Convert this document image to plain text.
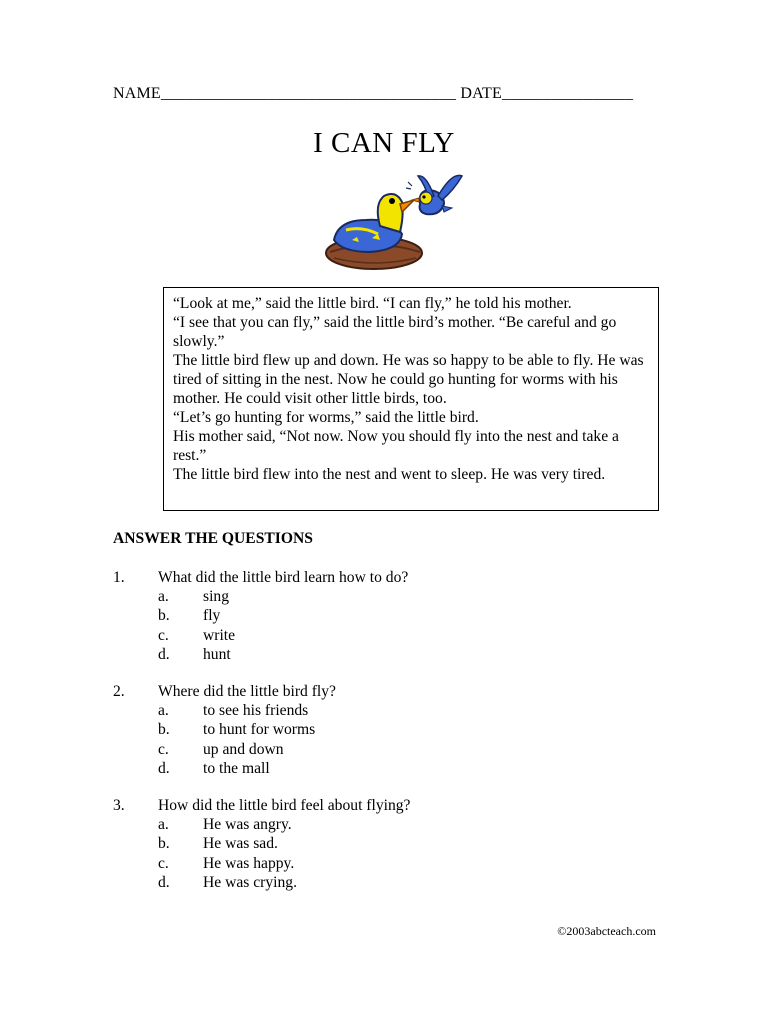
NAME____________________________________ DATE________________
I CAN FLY

“Look at me,” said the little bird. “I can fly,” he told his mother.

“I see that you can fly,” said the little bird’s mother. “Be careful and go slowly.”

The little bird flew up and down. He was so happy to be able to fly. He was tired of sitting in the nest. Now he could go hunting for worms with his mother. He could visit other little birds, too.

“Let’s go hunting for worms,” said the little bird.

His mother said, “Not now. Now you should fly into the nest and take a rest.”

The little bird flew into the nest and went to sleep. He was very tired.

ANSWER THE QUESTIONS
1.	What did the little bird learn how to do?
a.	sing
b.	fly
c.	write
d.	hunt
2.	Where did the little bird fly?
a.	to see his friends
b.	to hunt for worms
c.	up and down
d.	to the mall
3.	How did the little bird feel about flying?
a.	He was angry.
b.	He was sad.
c.	He was happy.
d.	He was crying.
©2003abcteach.com
